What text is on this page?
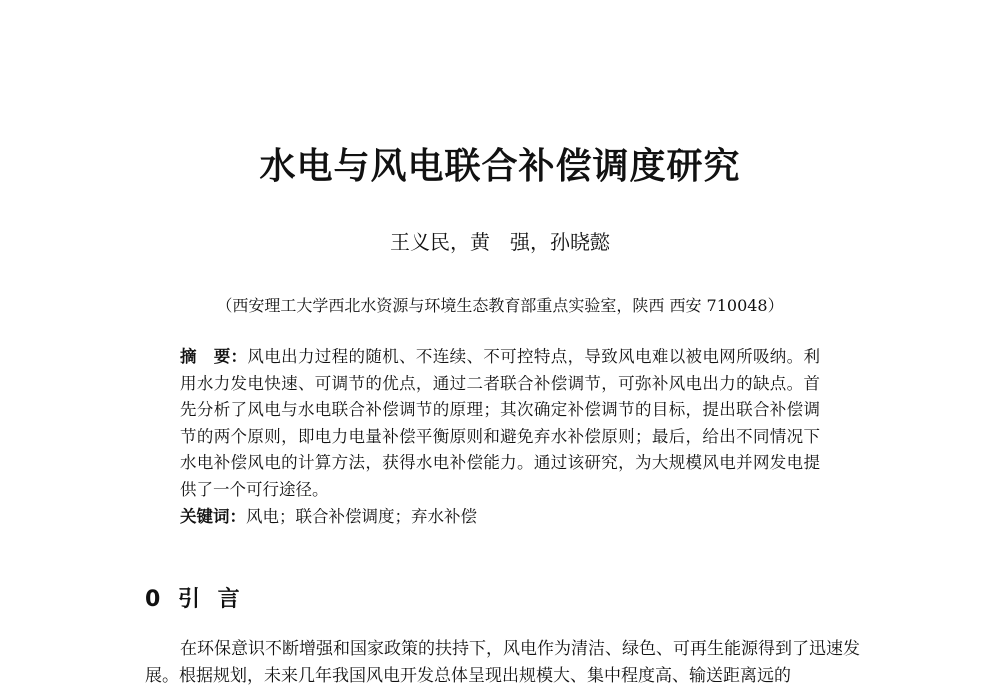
水电与风电联合补偿调度研究
王义民，黄　强，孙晓懿
（西安理工大学西北水资源与环境生态教育部重点实验室，陕西 西安 710048）
摘　要：风电出力过程的随机、不连续、不可控特点，导致风电难以被电网所吸纳。利用水力发电快速、可调节的优点，通过二者联合补偿调节，可弥补风电出力的缺点。首先分析了风电与水电联合补偿调节的原理；其次确定补偿调节的目标，提出联合补偿调节的两个原则，即电力电量补偿平衡原则和避免弃水补偿原则；最后，给出不同情况下水电补偿风电的计算方法，获得水电补偿能力。通过该研究，为大规模风电并网发电提供了一个可行途径。
关键词：风电；联合补偿调度；弃水补偿
0 引 言
在环保意识不断增强和国家政策的扶持下，风电作为清洁、绿色、可再生能源得到了迅速发展。根据规划，未来几年我国风电开发总体呈现出规模大、集中程度高、输送距离远的
